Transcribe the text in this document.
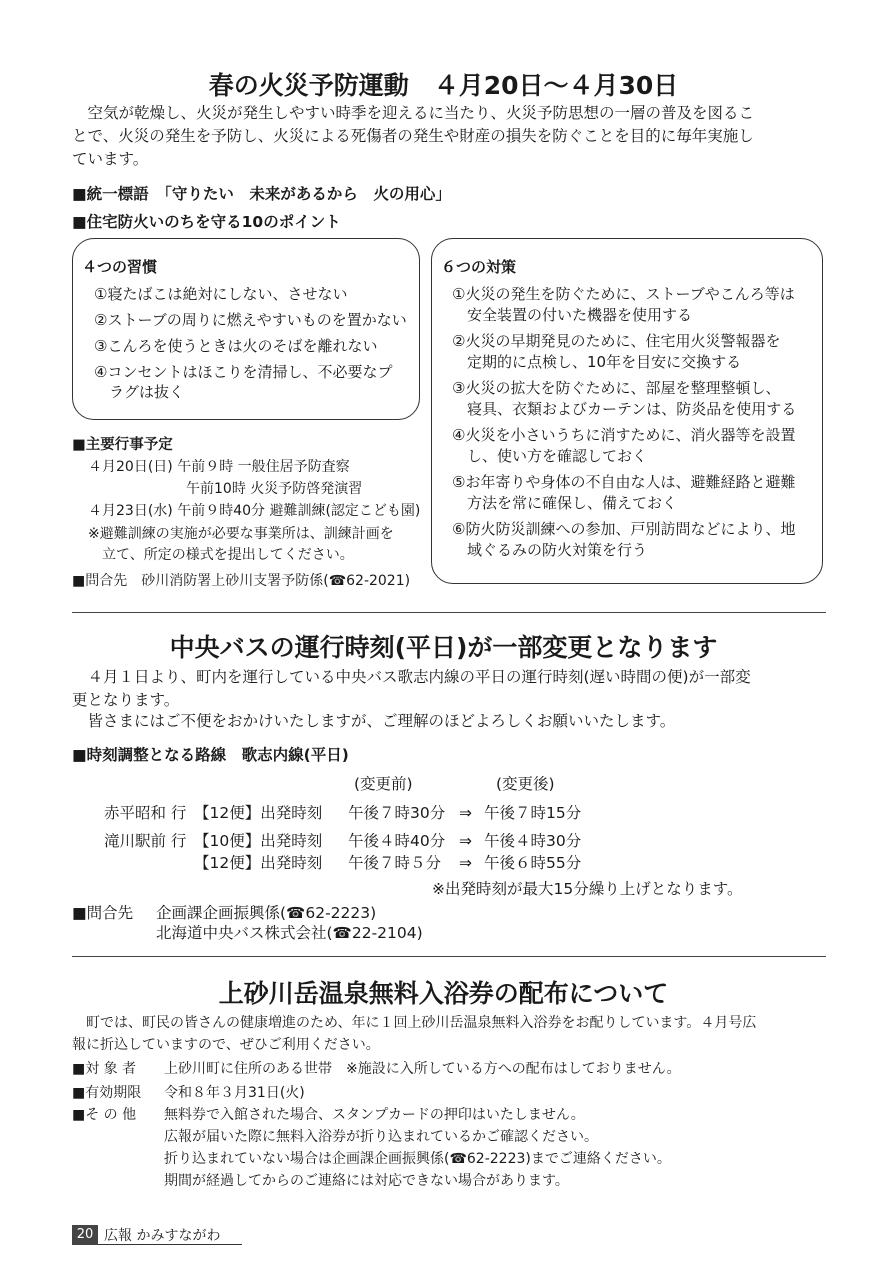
春の火災予防運動　４月20日～４月30日
　空気が乾燥し、火災が発生しやすい時季を迎えるに当たり、火災予防思想の一層の普及を図るこ
とで、火災の発生を予防し、火災による死傷者の発生や財産の損失を防ぐことを目的に毎年実施し
ています。
■統一標語　「守りたい　未来があるから　火の用心」
■住宅防火いのちを守る10のポイント
４つの習慣
①寝たばこは絶対にしない、させない
②ストーブの周りに燃えやすいものを置かない
③こんろを使うときは火のそばを離れない
④コンセントはほこりを清掃し、不必要なプ
　ラグは抜く
６つの対策
①火災の発生を防ぐために、ストーブやこんろ等は
　安全装置の付いた機器を使用する
②火災の早期発見のために、住宅用火災警報器を
　定期的に点検し、10年を目安に交換する
③火災の拡大を防ぐために、部屋を整理整頓し、
　寝具、衣類およびカーテンは、防炎品を使用する
④火災を小さいうちに消すために、消火器等を設置
　し、使い方を確認しておく
⑤お年寄りや身体の不自由な人は、避難経路と避難
　方法を常に確保し、備えておく
⑥防火防災訓練への参加、戸別訪問などにより、地
　域ぐるみの防火対策を行う
■主要行事予定
４月20日(日) 午前９時 一般住居予防査察
午前10時 火災予防啓発演習
４月23日(水) 午前９時40分 避難訓練(認定こども園)
※避難訓練の実施が必要な事業所は、訓練計画を
　立て、所定の様式を提出してください。
■問合先　砂川消防署上砂川支署予防係(☎62-2021)
中央バスの運行時刻(平日)が一部変更となります
　４月１日より、町内を運行している中央バス歌志内線の平日の運行時刻(遅い時間の便)が一部変
更となります。
　皆さまにはご不便をおかけいたしますが、ご理解のほどよろしくお願いいたします。
■時刻調整となる路線　歌志内線(平日)
(変更前)	(変更後)
赤平昭和 行 【12便】出発時刻 午後７時30分 ⇒ 午後７時15分
滝川駅前 行 【10便】出発時刻 午後４時40分 ⇒ 午後４時30分
【12便】出発時刻 午後７時５分 ⇒ 午後６時55分
※出発時刻が最大15分繰り上げとなります。
■問合先 企画課企画振興係(☎62-2223)
北海道中央バス株式会社(☎22-2104)
上砂川岳温泉無料入浴券の配布について
　町では、町民の皆さんの健康増進のため、年に１回上砂川岳温泉無料入浴券をお配りしています。４月号広
報に折込していますので、ぜひご利用ください。
■対 象 者 上砂川町に住所のある世帯　※施設に入所している方への配布はしておりません。
■有効期限 令和８年３月31日(火)
■そ の 他 無料券で入館された場合、スタンプカードの押印はいたしません。
広報が届いた際に無料入浴券が折り込まれているかご確認ください。
折り込まれていない場合は企画課企画振興係(☎62-2223)までご連絡ください。
期間が経過してからのご連絡には対応できない場合があります。
20 広報 かみすながわ
